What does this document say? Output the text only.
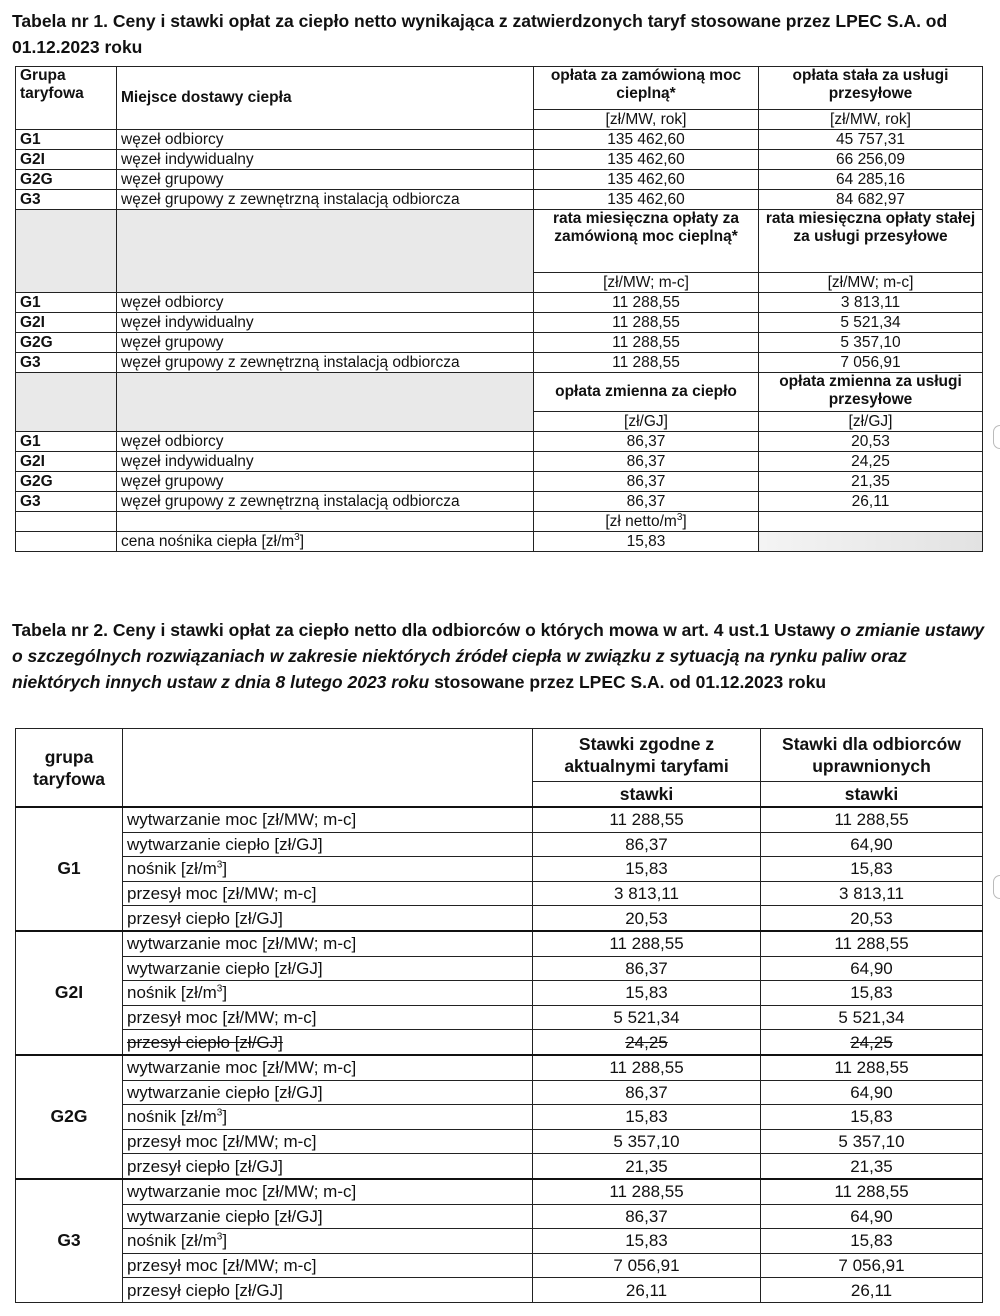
Tabela nr 1. Ceny i stawki opłat za ciepło netto wynikająca z zatwierdzonych taryf stosowane przez LPEC S.A. od 01.12.2023 roku
Grupa taryfowa	Miejsce dostawy ciepła	opłata za zamówioną moc cieplną*	opłata stała za usługi przesyłowe
		[zł/MW, rok]	[zł/MW, rok]
G1	węzeł odbiorcy	135 462,60	45 757,31
G2I	węzeł indywidualny	135 462,60	66 256,09
G2G	węzeł grupowy	135 462,60	64 285,16
G3	węzeł grupowy z zewnętrzną instalacją odbiorcza	135 462,60	84 682,97
		rata miesięczna opłaty za zamówioną moc cieplną*	rata miesięczna opłaty stałej za usługi przesyłowe
		[zł/MW; m-c]	[zł/MW; m-c]
G1	węzeł odbiorcy	11 288,55	3 813,11
G2I	węzeł indywidualny	11 288,55	5 521,34
G2G	węzeł grupowy	11 288,55	5 357,10
G3	węzeł grupowy z zewnętrzną instalacją odbiorcza	11 288,55	7 056,91
		opłata zmienna za ciepło	opłata zmienna za usługi przesyłowe
		[zł/GJ]	[zł/GJ]
G1	węzeł odbiorcy	86,37	20,53
G2I	węzeł indywidualny	86,37	24,25
G2G	węzeł grupowy	86,37	21,35
G3	węzeł grupowy z zewnętrzną instalacją odbiorcza	86,37	26,11
		[zł netto/$m^3$]	
	cena nośnika ciepła $[zł/m^3]$	15,83	
Tabela nr 2. Ceny i stawki opłat za ciepło netto dla odbiorców o których mowa w art. 4 ust.1 Ustawy o zmianie ustawy o szczególnych rozwiązaniach w zakresie niektórych źródeł ciepła w związku z sytuacją na rynku paliw oraz niektórych innych ustaw z dnia 8 lutego 2023 roku stosowane przez LPEC S.A. od 01.12.2023 roku
grupa taryfowa		Stawki zgodne z aktualnymi taryfami	Stawki dla odbiorców uprawnionych
		stawki	stawki
G1	wytwarzanie moc [zł/MW; m-c]	11 288,55	11 288,55
	wytwarzanie ciepło [zł/GJ]	86,37	64,90
	nośnik $[zł/m^3]$	15,83	15,83
	przesył moc [zł/MW; m-c]	3 813,11	3 813,11
	przesył ciepło [zł/GJ]	20,53	20,53
G2I	wytwarzanie moc [zł/MW; m-c]	11 288,55	11 288,55
	wytwarzanie ciepło [zł/GJ]	86,37	64,90
	nośnik $[zł/m^3]$	15,83	15,83
	przesył moc [zł/MW; m-c]	5 521,34	5 521,34
	przesył ciepło [zł/GJ]	24,25	24,25
G2G	wytwarzanie moc [zł/MW; m-c]	11 288,55	11 288,55
	wytwarzanie ciepło [zł/GJ]	86,37	64,90
	nośnik $[zł/m^3]$	15,83	15,83
	przesył moc [zł/MW; m-c]	5 357,10	5 357,10
	przesył ciepło [zł/GJ]	21,35	21,35
G3	wytwarzanie moc [zł/MW; m-c]	11 288,55	11 288,55
	wytwarzanie ciepło [zł/GJ]	86,37	64,90
	nośnik $[zł/m^3]$	15,83	15,83
	przesył moc [zł/MW; m-c]	7 056,91	7 056,91
	przesył ciepło [zł/GJ]	26,11	26,11
